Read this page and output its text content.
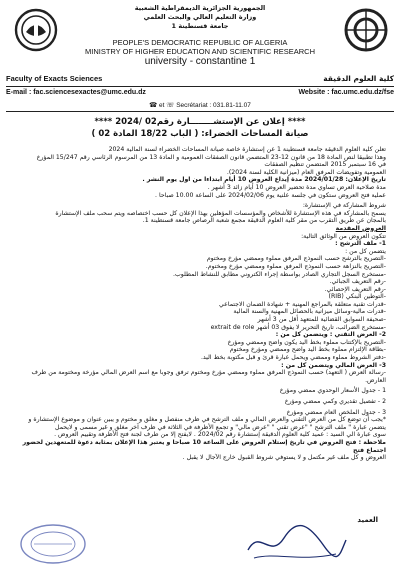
الجمهورية الجزائرية الديمقراطية الشعبية
وزارة التعليم العالي والبحث العلمي
جامعة قسنطينة 1
PEOPLE'S DEMOCRATIC REPUBLIC OF ALGERIA
MINISTRY OF HIGHER EDUCATION AND SCIENTIFIC RESEARCH
university - constantine 1
Faculty of Exacts Sciences	كلية العلوم الدقيقة
E-mail : fac.sciencesexactes@umc.edu.dz	Website : fac.umc.edu.dz/fse
☎ et ☏ Secrétariat : 031.81-11.07
**** إعلان عن الإستشــــــــارة رقم02 /2024 ****
صيانة المساحات الخضراء: ( الباب 18/22 المادة 02 )

تعلن كلية العلوم الدقيقة جامعة قسنطينة 1 عن إستشارة خاصة صيانة المساحات الخضراء لسنة المالية 2024

وهذا تطبيقا لنص المادة 18 من قانون 12-23 المتضمن قانون الصفقات العمومية و المادة 13 من المرسوم الرئاسي رقم 15/247 المؤرخ

في 16 سبتمبر 2015 المتضمن تنظيم الصفقات

العمومية وتفويضات المرفق العام (ميزانية الكلية لسنة 2024).

تاريخ الإعلان: 2024/01/28 مدة إيداع العروض 10 أيام ابتداءا من اول يوم النشر .

مدة صلاحية العرض تساوي مدة تحضير العروض 10 أيام زائد 3 أشهر .

عملية فتح العروض ستكون في جلسة علنية يوم 2024/02/06 على الساعة 10.00 صباحا .

شروط المشاركة في الإستشارة:

يسمح بالمشاركة في هذه الإستشارة للأشخاص والمؤسسات المؤهلين بهذا الإعلان كل حسب اختصاصه ويتم سحب ملف الإستشارة

بالمجان عن طريق التقرب من مقر كلية العلوم الدقيقة مجمع شعبة الرصاص جامعة قسنطينة 1.

العروض المقدمة

تتكون العروض من الوثائق التالية:

1- ملف الترشح :

يتضمن كل من :

-التصريح بالترشح حسب النموذج المرفق مملوء وممضي مؤرخ ومختوم

-التصريح بالنزاهة حسب النموذج المرفق مملوء وممضي مؤرخ ومختوم.

-مستخرج السجل التجاري الصادر بواسطة إجراء الكتروني مطابق للنشاط المطلوب.

-رقم التعريف الجبائي.

-رقم التعريف الإحصائي.

-التوطين البنكي (RIB)

-قدرات تقنية متعلقة بالمراجع المهنية + شهادة الضمان الاجتماعي

-قدرات مالية-وسائل ميزانية بالحصائل المهنية والسنة المالية

-صحيفة السوابق القضائية للمتعهد أقل من 3 أشهر

-مستخرج الضرائب، تاريخ التحرير لا يفوق 03 أشهر extrait de role

2- العرض التقني : ويتضمن كل من :

-التصريح بالإكتتاب مملوء بخط اليد يكون واضح وممضي ومؤرخ

-بطاقة الإلتزام مملوء بخط اليد واضح وممضي ومؤرخ ومختوم

-دفتر الشروط مملوء وممضي ويحمل عبارة قرئ و قبل مكتوبة بخط اليد.

3- العرض المالي ويتضمن كل من :

-رسالة العرض ( التعهد) حسب النموذج المرفق مملوء وممضي مؤرخ ومختوم ترفق وجوبا مع اسم العرض المالي مؤرخة ومختومة من طرف

العارض.

1 - جدول الأسعار الوحدوي ممضي ومؤرخ

2 - تفصيل تقديري وكمي ممضي ومؤرخ

3 - جدول الملخص العام ممضي ومؤرخ

*يجب أن توضع كل من العرض التقني والعرض المالي و ملف الترشح في ظرف منفصل و مغلق و مختوم و يبين عنوان و موضوع الإستشارة و

يتضمن عبارة " ملف الترشح " "عرض تقني " "عرض مالي" و تجمع الأظرفة في الثلاثة في ظرف آخر مغلق و غير مسمى و لايحمل

سوى عبارة الي السيد : عميد كلية العلوم الدقيقة إستشارة رقم 2024/02 . لايفتح إلا من طرف لجنة فتح الأظرفة وتقييم العروض .

ملاحظة : فتح العروض في تاريخ إستلام العروض على الساعة 10 صباحا و يعتبر هذا الإعلان بمثابة دعوة للمتعهدين لحضور اجتماع فتح

العروض و كل ملف غير مكتمل و لا يستوفي شروط القبول خارج الآجال لا يقبل .

العميد
